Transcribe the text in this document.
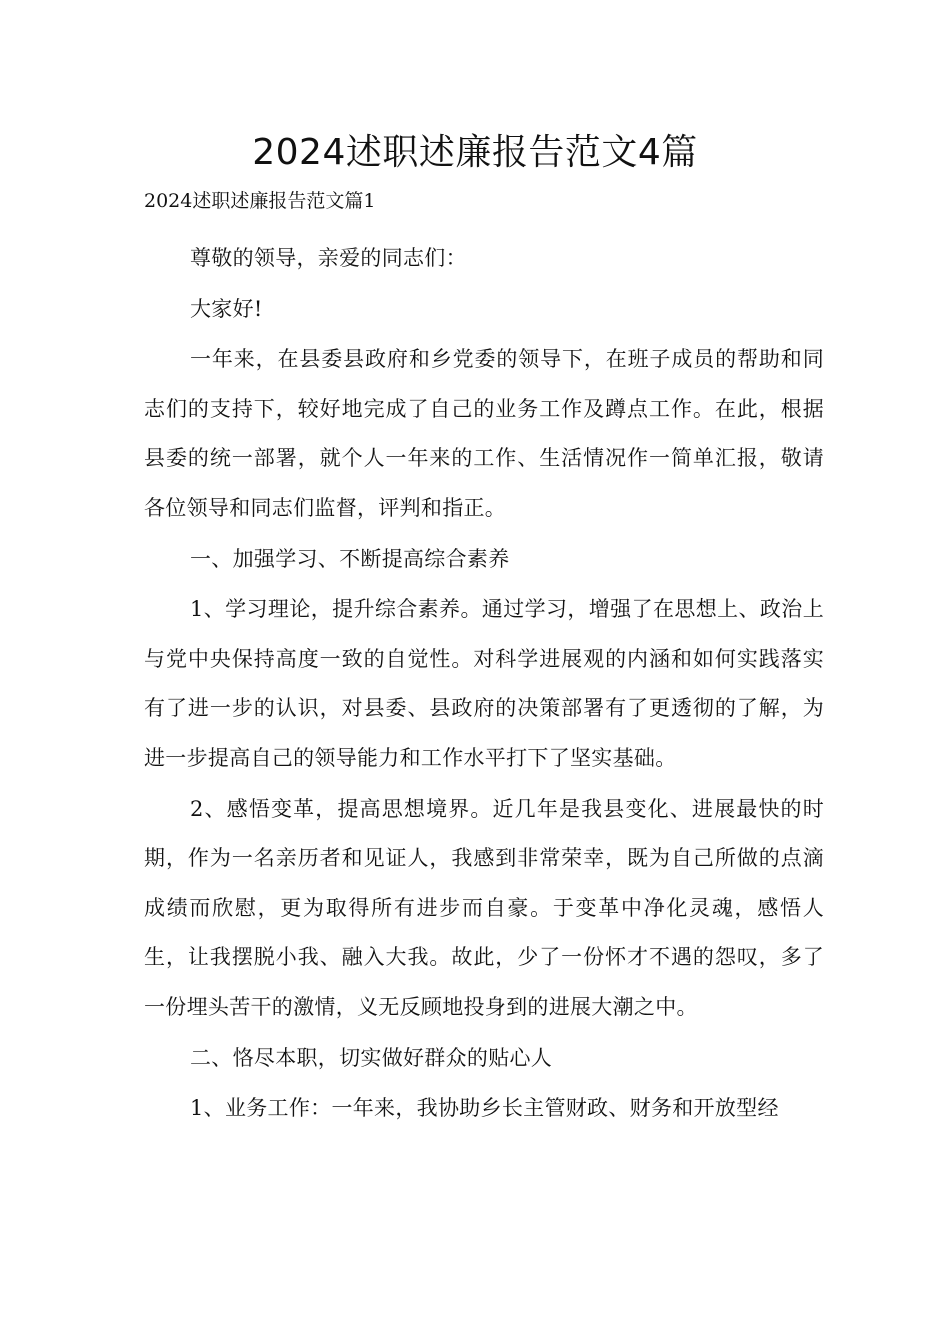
2024述职述廉报告范文4篇

2024述职述廉报告范文篇1

尊敬的领导，亲爱的同志们：

大家好!

一年来，在县委县政府和乡党委的领导下，在班子成员的帮助和同志们的支持下，较好地完成了自己的业务工作及蹲点工作。在此，根据县委的统一部署，就个人一年来的工作、生活情况作一简单汇报，敬请各位领导和同志们监督，评判和指正。

一、加强学习、不断提高综合素养

1、学习理论，提升综合素养。通过学习，增强了在思想上、政治上与党中央保持高度一致的自觉性。对科学进展观的内涵和如何实践落实有了进一步的认识，对县委、县政府的决策部署有了更透彻的了解，为进一步提高自己的领导能力和工作水平打下了坚实基础。

2、感悟变革，提高思想境界。近几年是我县变化、进展最快的时期，作为一名亲历者和见证人，我感到非常荣幸，既为自己所做的点滴成绩而欣慰，更为取得所有进步而自豪。于变革中净化灵魂，感悟人生，让我摆脱小我、融入大我。故此，少了一份怀才不遇的怨叹，多了一份埋头苦干的激情，义无反顾地投身到的进展大潮之中。

二、恪尽本职，切实做好群众的贴心人

1、业务工作：一年来，我协助乡长主管财政、财务和开放型经
